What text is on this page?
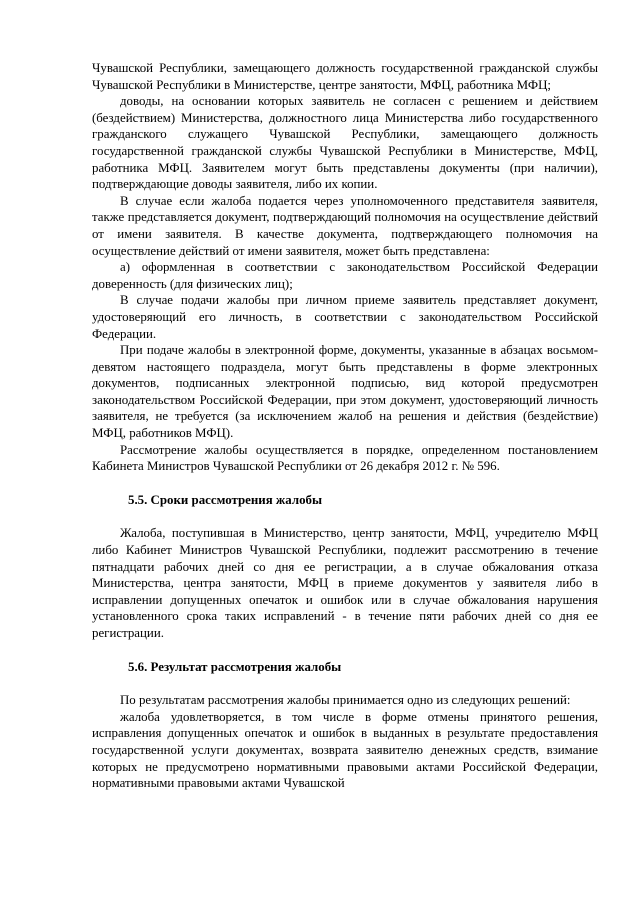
Чувашской Республики, замещающего должность государственной гражданской службы Чувашской Республики в Министерстве, центре занятости, МФЦ, работника МФЦ;

доводы, на основании которых заявитель не согласен с решением и действием (бездействием) Министерства, должностного лица Министерства либо государственного гражданского служащего Чувашской Республики, замещающего должность государственной гражданской службы Чувашской Республики в Министерстве, МФЦ, работника МФЦ. Заявителем могут быть представлены документы (при наличии), подтверждающие доводы заявителя, либо их копии.

В случае если жалоба подается через уполномоченного представителя заявителя, также представляется документ, подтверждающий полномочия на осуществление действий от имени заявителя. В качестве документа, подтверждающего полномочия на осуществление действий от имени заявителя, может быть представлена:

а) оформленная в соответствии с законодательством Российской Федерации доверенность (для физических лиц);

В случае подачи жалобы при личном приеме заявитель представляет документ, удостоверяющий его личность, в соответствии с законодательством Российской Федерации.

При подаче жалобы в электронной форме, документы, указанные в абзацах восьмом-девятом настоящего подраздела, могут быть представлены в форме электронных документов, подписанных электронной подписью, вид которой предусмотрен законодательством Российской Федерации, при этом документ, удостоверяющий личность заявителя, не требуется (за исключением жалоб на решения и действия (бездействие) МФЦ, работников МФЦ).

Рассмотрение жалобы осуществляется в порядке, определенном постановлением Кабинета Министров Чувашской Республики от 26 декабря 2012 г. № 596.

5.5. Сроки рассмотрения жалобы

Жалоба, поступившая в Министерство, центр занятости, МФЦ, учредителю МФЦ либо Кабинет Министров Чувашской Республики, подлежит рассмотрению в течение пятнадцати рабочих дней со дня ее регистрации, а в случае обжалования отказа Министерства, центра занятости, МФЦ в приеме документов у заявителя либо в исправлении допущенных опечаток и ошибок или в случае обжалования нарушения установленного срока таких исправлений - в течение пяти рабочих дней со дня ее регистрации.

5.6. Результат рассмотрения жалобы

По результатам рассмотрения жалобы принимается одно из следующих решений:

жалоба удовлетворяется, в том числе в форме отмены принятого решения, исправления допущенных опечаток и ошибок в выданных в результате предоставления государственной услуги документах, возврата заявителю денежных средств, взимание которых не предусмотрено нормативными правовыми актами Российской Федерации, нормативными правовыми актами Чувашской
